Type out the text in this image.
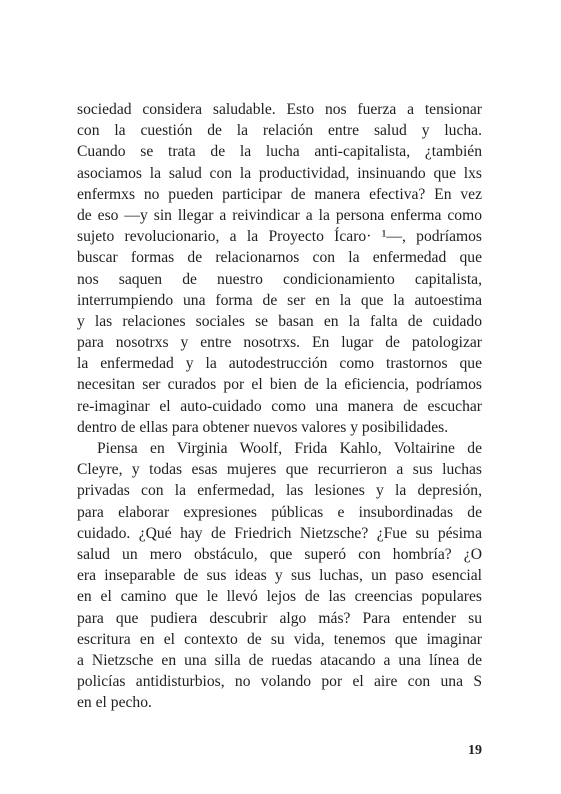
sociedad considera saludable. Esto nos fuerza a tensionar
con la cuestión de la relación entre salud y lucha.
Cuando se trata de la lucha anti-capitalista, ¿también
asociamos la salud con la productividad, insinuando que lxs
enfermxs no pueden participar de manera efectiva? En vez
de eso —y sin llegar a reivindicar a la persona enferma como
sujeto revolucionario, a la Proyecto Ícaro· ¹—, podríamos
buscar formas de relacionarnos con la enfermedad que
nos saquen de nuestro condicionamiento capitalista,
interrumpiendo una forma de ser en la que la autoestima
y las relaciones sociales se basan en la falta de cuidado
para nosotrxs y entre nosotrxs. En lugar de patologizar
la enfermedad y la autodestrucción como trastornos que
necesitan ser curados por el bien de la eficiencia, podríamos
re-imaginar el auto-cuidado como una manera de escuchar
dentro de ellas para obtener nuevos valores y posibilidades.
Piensa en Virginia Woolf, Frida Kahlo, Voltairine de
Cleyre, y todas esas mujeres que recurrieron a sus luchas
privadas con la enfermedad, las lesiones y la depresión,
para elaborar expresiones públicas e insubordinadas de
cuidado. ¿Qué hay de Friedrich Nietzsche? ¿Fue su pésima
salud un mero obstáculo, que superó con hombría? ¿O
era inseparable de sus ideas y sus luchas, un paso esencial
en el camino que le llevó lejos de las creencias populares
para que pudiera descubrir algo más? Para entender su
escritura en el contexto de su vida, tenemos que imaginar
a Nietzsche en una silla de ruedas atacando a una línea de
policías antidisturbios, no volando por el aire con una S
en el pecho.
19
